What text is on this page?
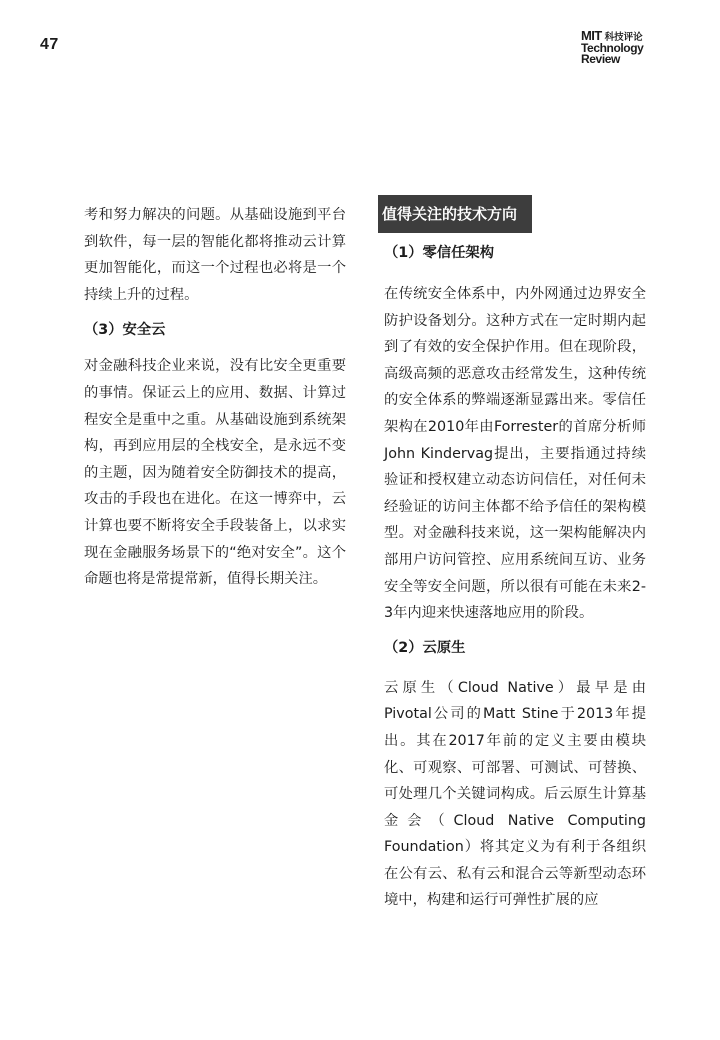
47
MIT 科技评论
Technology
Review

考和努力解决的问题。从基础设施到平台到软件，每一层的智能化都将推动云计算更加智能化，而这一个过程也必将是一个持续上升的过程。

（3）安全云

对金融科技企业来说，没有比安全更重要的事情。保证云上的应用、数据、计算过程安全是重中之重。从基础设施到系统架构，再到应用层的全栈安全，是永远不变的主题，因为随着安全防御技术的提高，攻击的手段也在进化。在这一博弈中，云计算也要不断将安全手段装备上，以求实现在金融服务场景下的“绝对安全”。这个命题也将是常提常新，值得长期关注。

值得关注的技术方向

（1）零信任架构

在传统安全体系中，内外网通过边界安全防护设备划分。这种方式在一定时期内起到了有效的安全保护作用。但在现阶段，高级高频的恶意攻击经常发生，这种传统的安全体系的弊端逐渐显露出来。零信任架构在2010年由Forrester的首席分析师John Kindervag提出，主要指通过持续验证和授权建立动态访问信任，对任何未经验证的访问主体都不给予信任的架构模型。对金融科技来说，这一架构能解决内部用户访问管控、应用系统间互访、业务安全等安全问题，所以很有可能在未来2-3年内迎来快速落地应用的阶段。

（2）云原生

云原生（Cloud Native）最早是由Pivotal公司的Matt Stine于2013年提出。其在2017年前的定义主要由模块化、可观察、可部署、可测试、可替换、可处理几个关键词构成。后云原生计算基金会（Cloud Native Computing Foundation）将其定义为有利于各组织在公有云、私有云和混合云等新型动态环境中，构建和运行可弹性扩展的应
